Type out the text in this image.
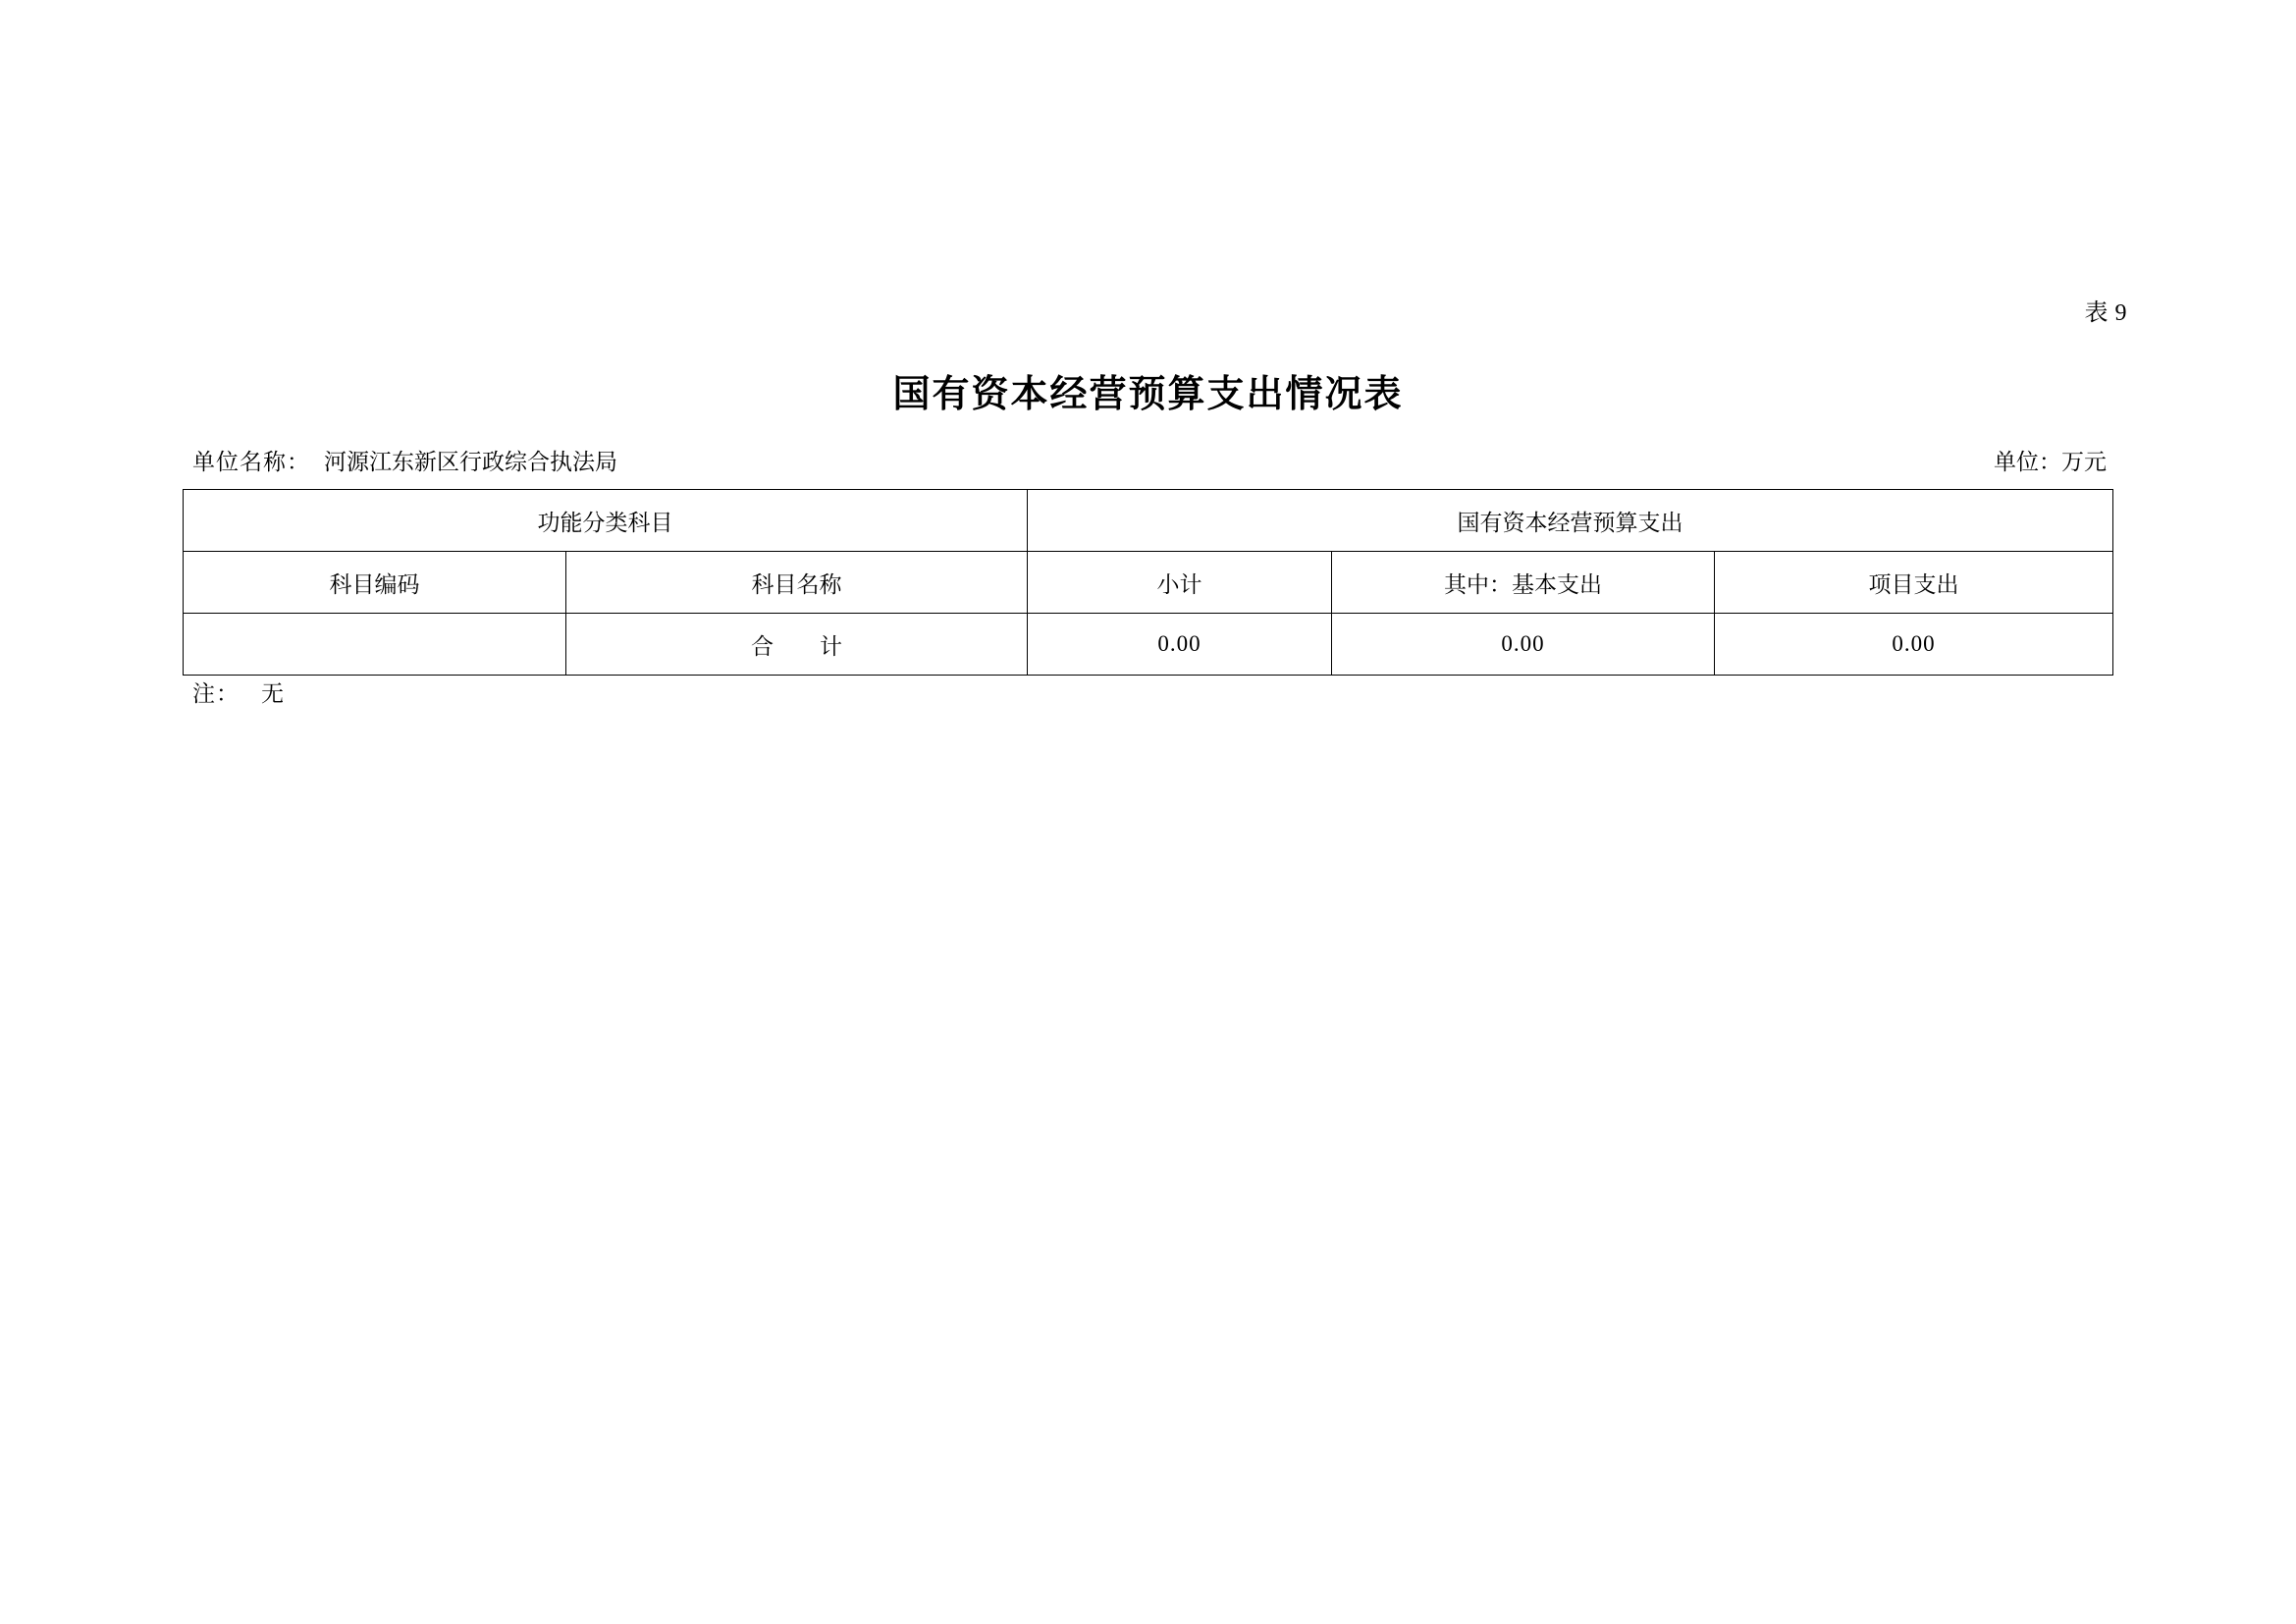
表 9
国有资本经营预算支出情况表
单位名称： 河源江东新区行政综合执法局	单位：万元
功能分类科目		国有资本经营预算支出		
科目编码	科目名称	小计	其中：基本支出	项目支出
	合　计	0.00	0.00	0.00
注： 无
